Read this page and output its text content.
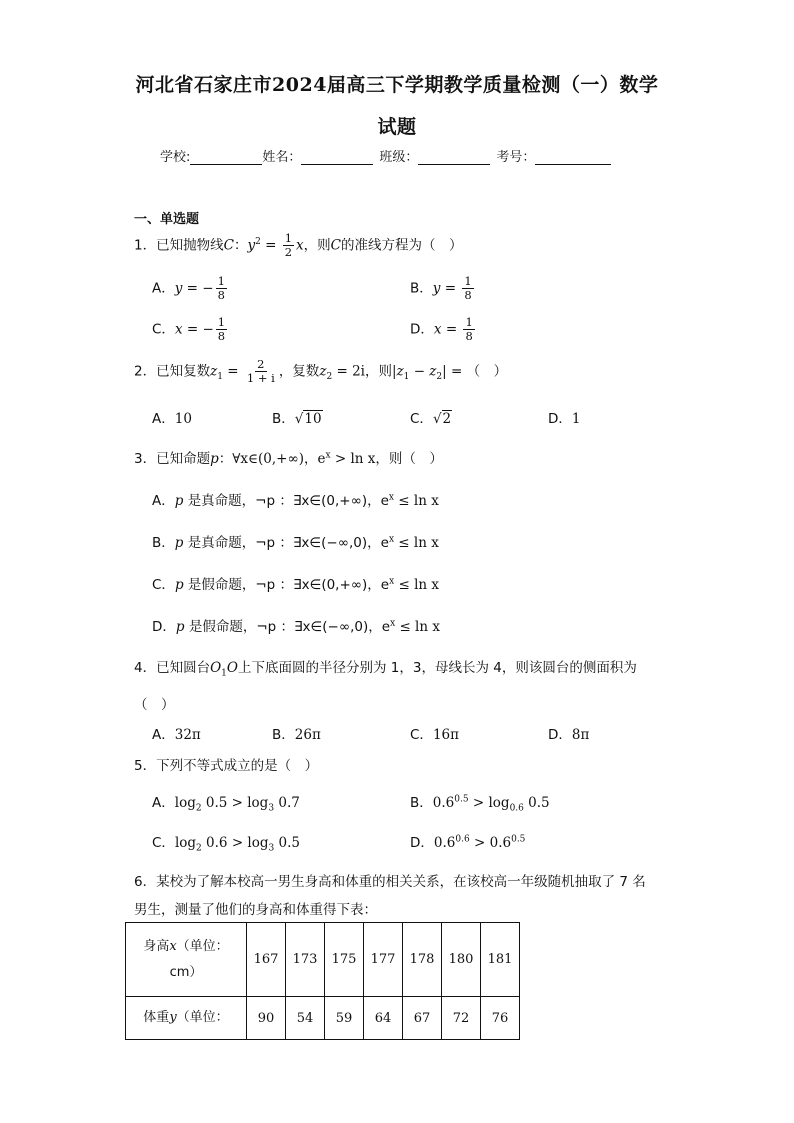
河北省石家庄市2024届高三下学期教学质量检测（一）数学
试题
学校:	姓名：	班级：	考号：
一、单选题
1．已知抛物线C：$y^2 = \frac{1}{2}$ x，则C的准线方程为（　）
A．y = − $\frac{1}{8}$	B．$y = \frac{1}{8}$
C．x = − $\frac{1}{8}$	D．$x = \frac{1}{8}$
2．已知复数$z_1 = \frac{2}{1 + i}$ ，复数$z_2 = 2i$，则$|z_1 - z_2|$ = （　）
A．10	B．√10	C．√2	D．1
3．已知命题p：∀x∈(0,+∞)，$e^x > \ln x$，则（　）
A．p 是真命题，¬p ：∃x∈(0,+∞)，$e^x \le \ln x$
B．p 是真命题，¬p ：∃x∈(−∞,0)，$e^x \le \ln x$
C．p 是假命题，¬p ：∃x∈(0,+∞)，$e^x \le \ln x$
D．p 是假命题，¬p ：∃x∈(−∞,0)，$e^x \le \ln x$
4．已知圆台$O_1O$上下底面圆的半径分别为 1，3，母线长为 4，则该圆台的侧面积为
（　）
A．32π	B．26π	C．16π	D．8π
5．下列不等式成立的是（　）
A．$\log_2 0.5 > \log_3 0.7$	B．$0.6^{0.5} > \log_{0.6} 0.5$
C．$\log_2 0.6 > \log_3 0.5$	D．$0.6^{0.6} > 0.6^{0.5}$
6．某校为了解本校高一男生身高和体重的相关关系，在该校高一年级随机抽取了 7 名
男生，测量了他们的身高和体重得下表：
身高x（单位：
cm）	167	173	175	177	178	180	181
体重y（单位：	90	54	59	64	67	72	76
